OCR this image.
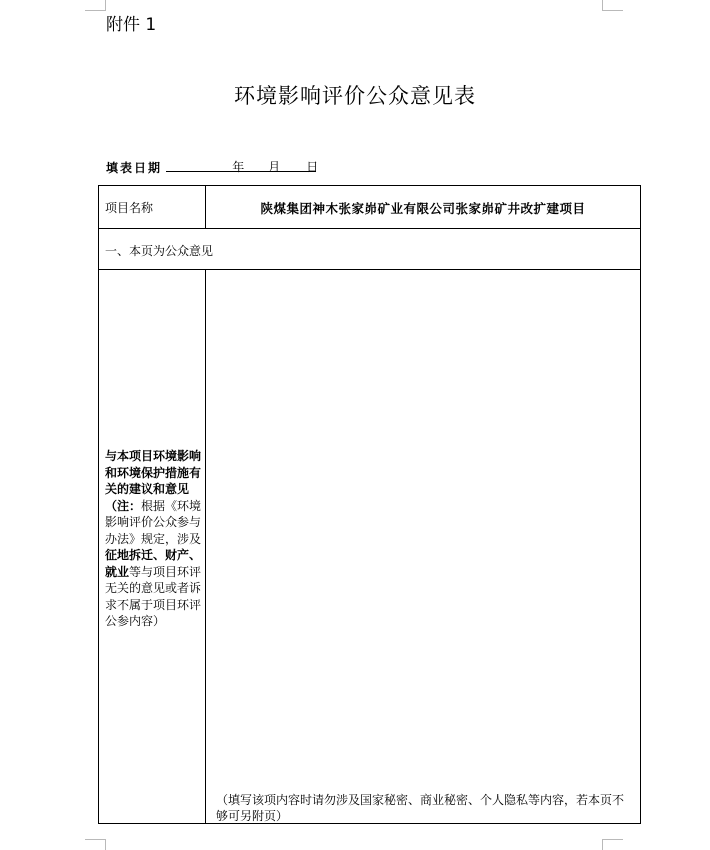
附件 1
环境影响评价公众意见表
填表日期	年 月 日
项目名称	陕煤集团神木张家峁矿业有限公司张家峁矿井改扩建项目
一、本页为公众意见
与本项目环境影响和环境保护措施有关的建议和意见（注：根据《环境影响评价公众参与办法》规定，涉及征地拆迁、财产、就业等与项目环评无关的意见或者诉求不属于项目环评公参内容）
（填写该项内容时请勿涉及国家秘密、商业秘密、个人隐私等内容，若本页不够可另附页）
